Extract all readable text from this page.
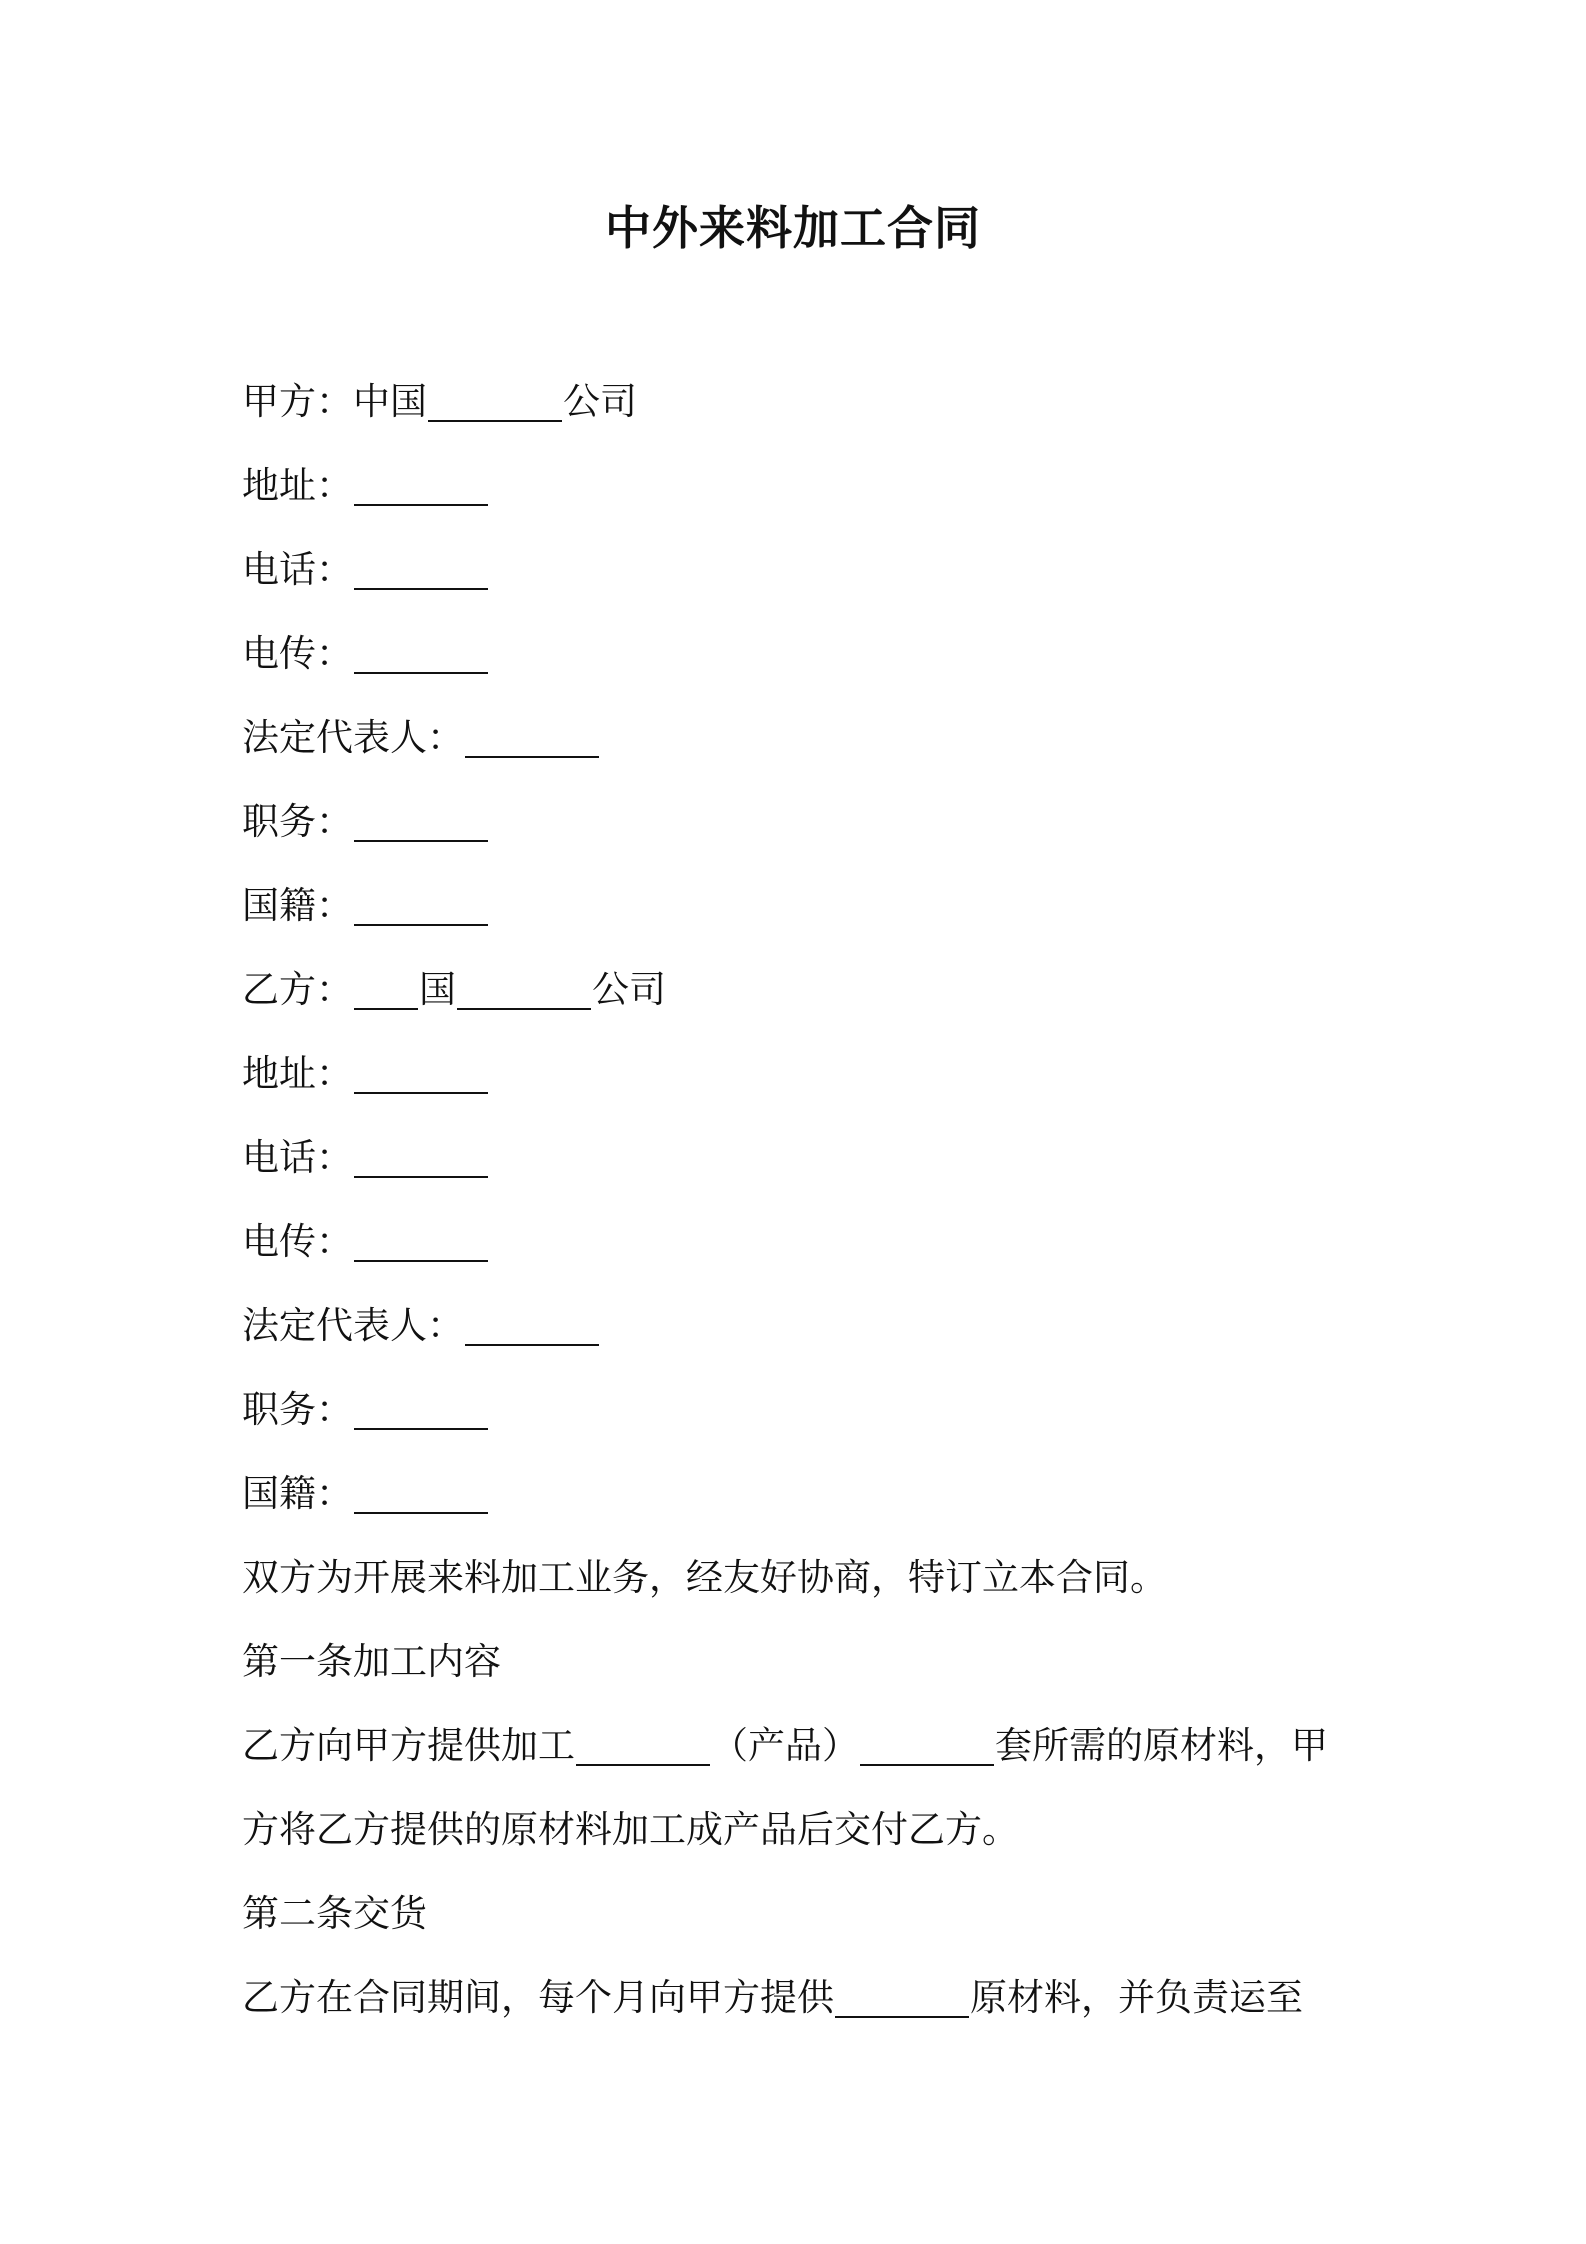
中外来料加工合同
甲方：中国	公司
地址：
电话：
电传：
法定代表人：
职务：
国籍：
乙方： 国	公司
地址：
电话：
电传：
法定代表人：
职务：
国籍：
双方为开展来料加工业务，经友好协商，特订立本合同。
第一条加工内容
乙方向甲方提供加工	（产品）	套所需的原材料，甲
方将乙方提供的原材料加工成产品后交付乙方。
第二条交货
乙方在合同期间，每个月向甲方提供	原材料，并负责运至
